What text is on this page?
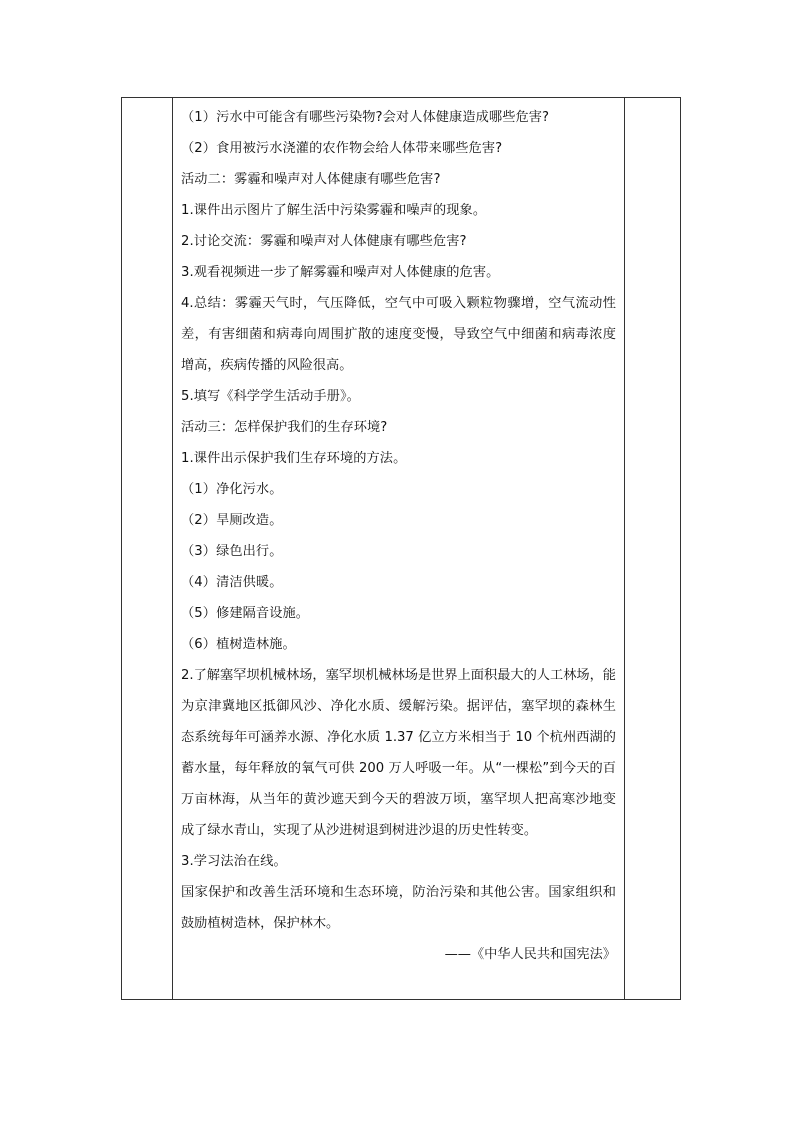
（1）污水中可能含有哪些污染物?会对人体健康造成哪些危害?
（2）食用被污水浇灌的农作物会给人体带来哪些危害?
活动二：雾霾和噪声对人体健康有哪些危害?
1.课件出示图片了解生活中污染雾霾和噪声的现象。
2.讨论交流：雾霾和噪声对人体健康有哪些危害?
3.观看视频进一步了解雾霾和噪声对人体健康的危害。
4.总结：雾霾天气时，气压降低，空气中可吸入颗粒物骤增，空气流动性差，有害细菌和病毒向周围扩散的速度变慢，导致空气中细菌和病毒浓度增高，疾病传播的风险很高。
5.填写《科学学生活动手册》。
活动三：怎样保护我们的生存环境?
1.课件出示保护我们生存环境的方法。
（1）净化污水。
（2）旱厕改造。
（3）绿色出行。
（4）清洁供暖。
（5）修建隔音设施。
（6）植树造林施。
2.了解塞罕坝机械林场，塞罕坝机械林场是世界上面积最大的人工林场，能为京津冀地区抵御风沙、净化水质、缓解污染。据评估，塞罕坝的森林生态系统每年可涵养水源、净化水质 1.37 亿立方米相当于 10 个杭州西湖的蓄水量，每年释放的氧气可供 200 万人呼吸一年。从“一棵松”到今天的百万亩林海，从当年的黄沙遮天到今天的碧波万顷，塞罕坝人把高寒沙地变成了绿水青山，实现了从沙进树退到树进沙退的历史性转变。
3.学习法治在线。
国家保护和改善生活环境和生态环境，防治污染和其他公害。国家组织和鼓励植树造林，保护林木。
——《中华人民共和国宪法》
